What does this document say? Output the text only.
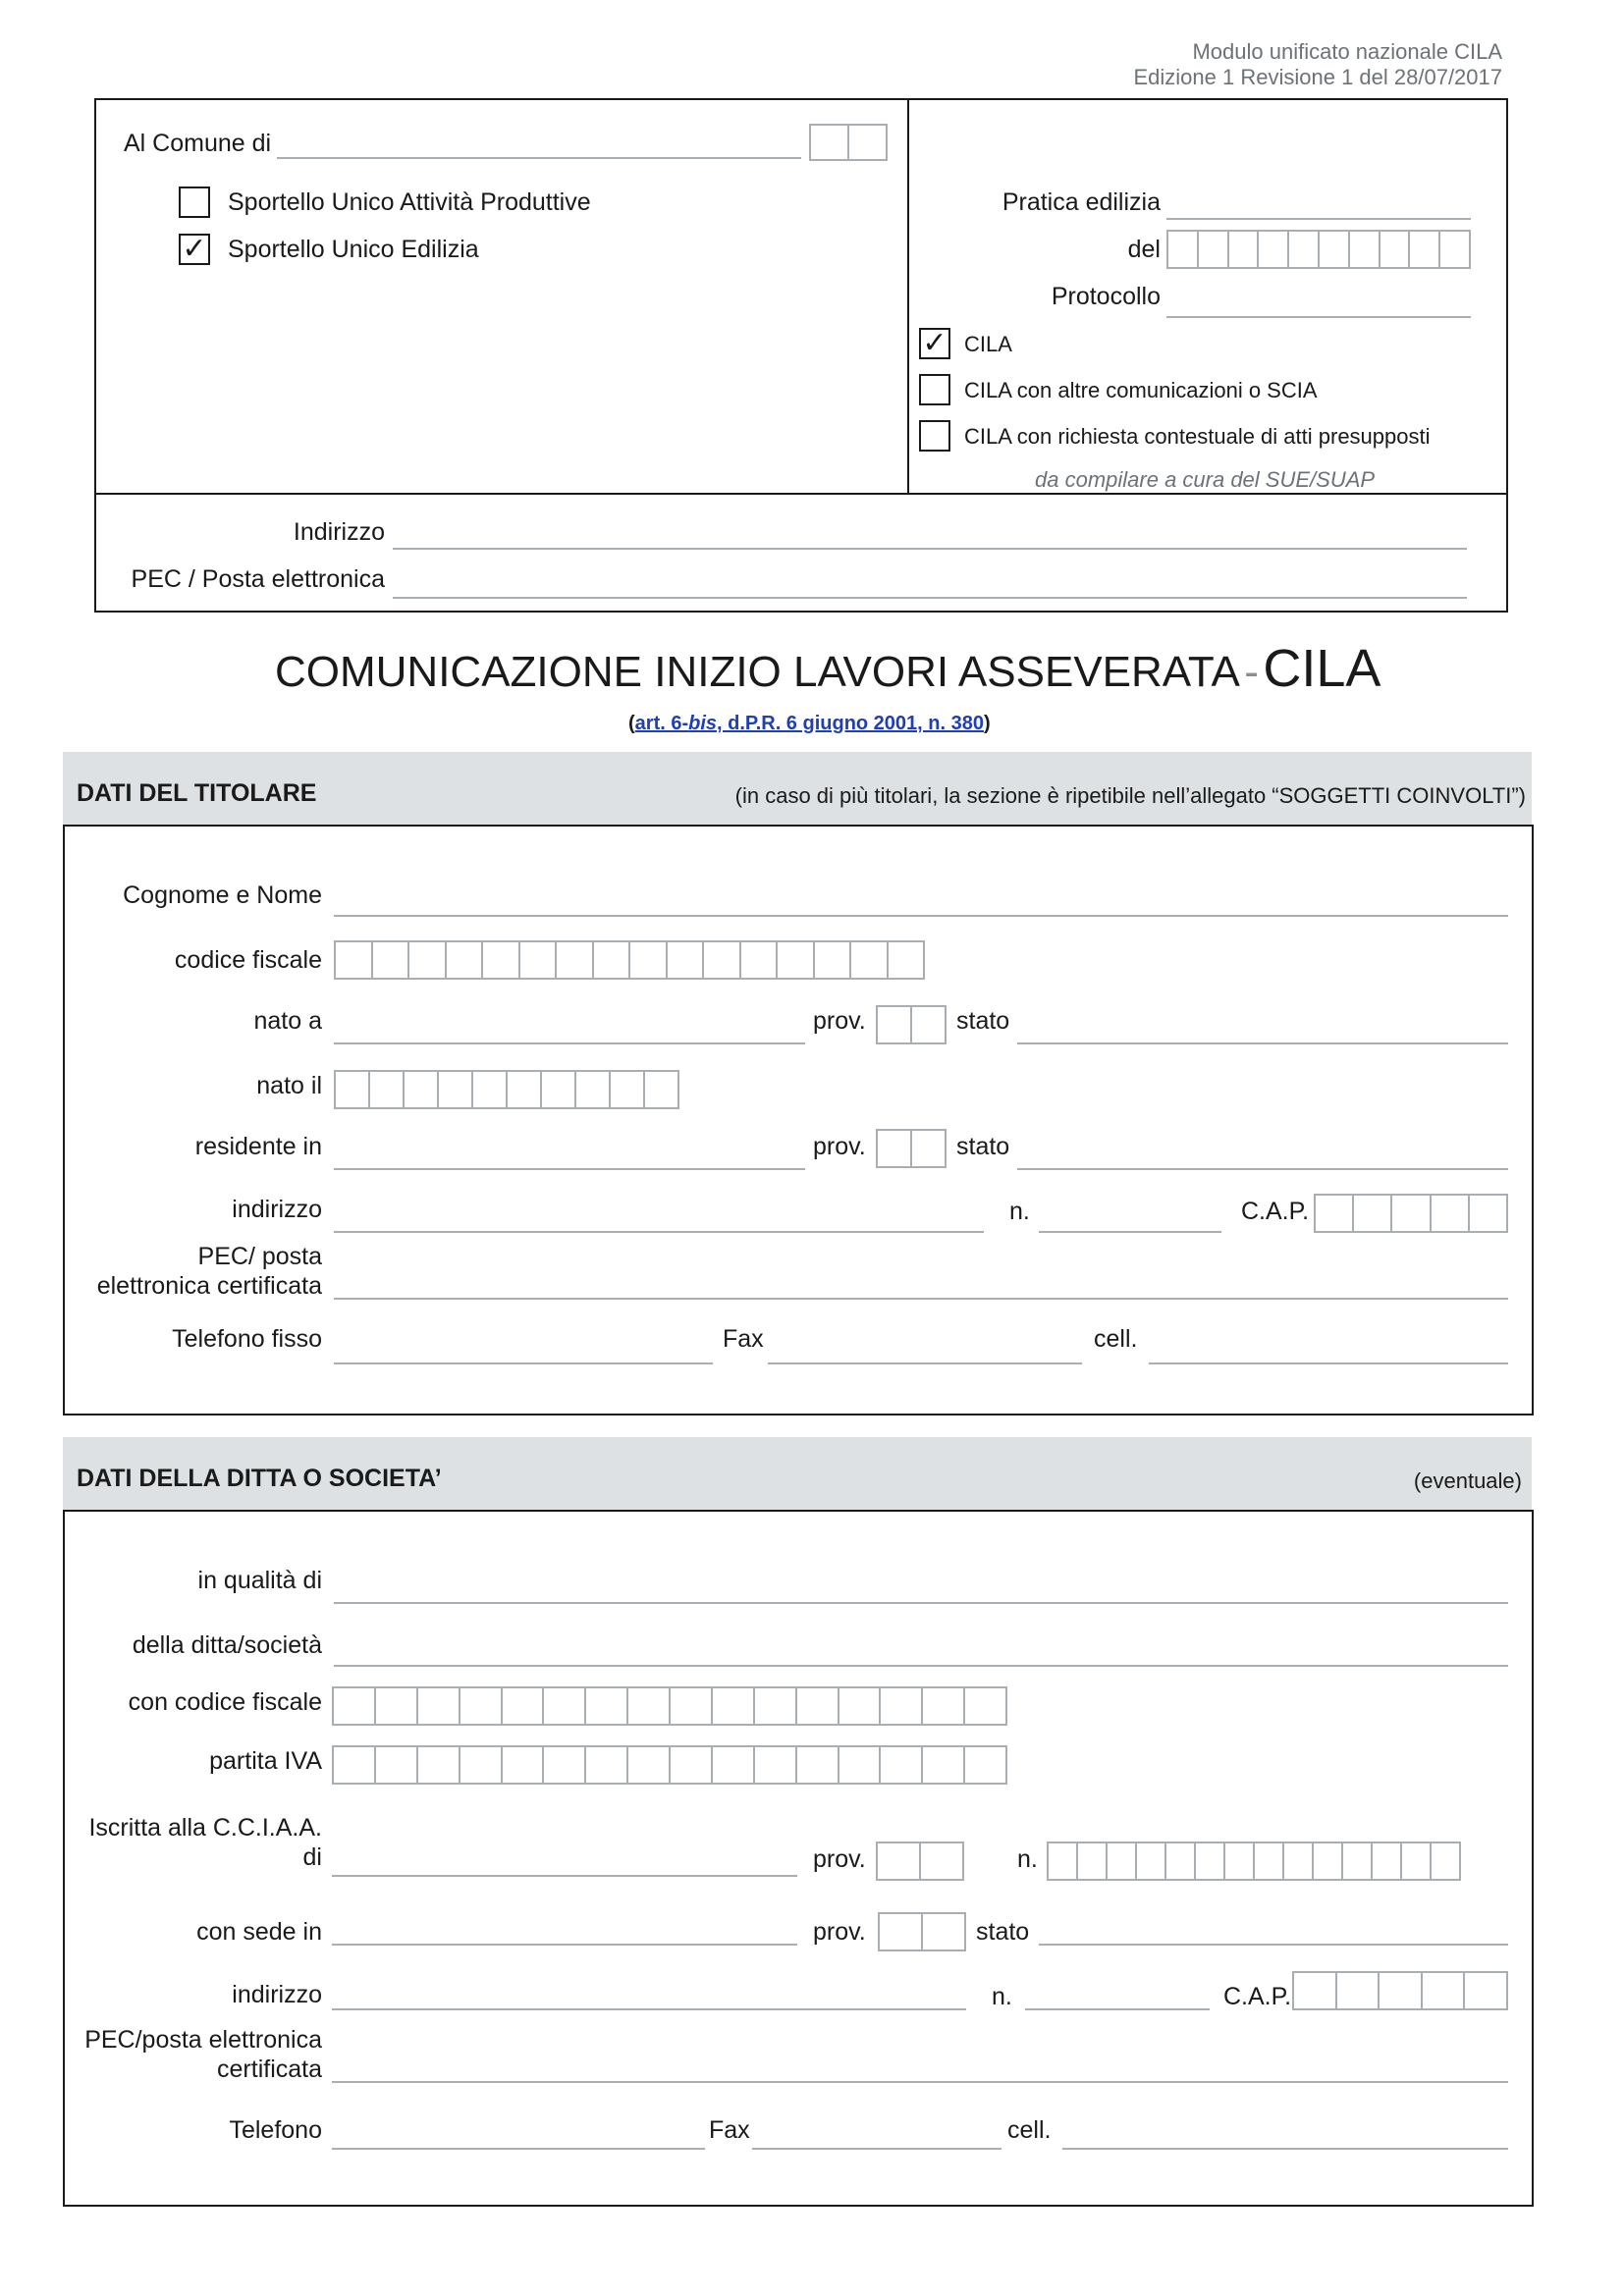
Modulo unificato nazionale CILA
Edizione 1 Revisione 1 del 28/07/2017
Al Comune di
Sportello Unico Attività Produttive
✓ Sportello Unico Edilizia
Pratica edilizia
del
Protocollo
✓ CILA
CILA con altre comunicazioni o SCIA
CILA con richiesta contestuale di atti presupposti
da compilare a cura del SUE/SUAP
Indirizzo
PEC / Posta elettronica
COMUNICAZIONE INIZIO LAVORI ASSEVERATA - CILA
(art. 6-bis, d.P.R. 6 giugno 2001, n. 380)
DATI DEL TITOLARE	(in caso di più titolari, la sezione è ripetibile nell’allegato “SOGGETTI COINVOLTI”)
Cognome e Nome
codice fiscale
nato a	prov.	stato
nato il
residente in	prov.	stato
indirizzo	n.	C.A.P.
PEC/ posta
elettronica certificata
Telefono fisso	Fax	cell.
DATI DELLA DITTA O SOCIETA’	(eventuale)
in qualità di
della ditta/società
con codice fiscale
partita IVA
Iscritta alla C.C.I.A.A.
di	prov.	n.
con sede in	prov.	stato
indirizzo	n.	C.A.P.
PEC/posta elettronica
certificata
Telefono	Fax	cell.
